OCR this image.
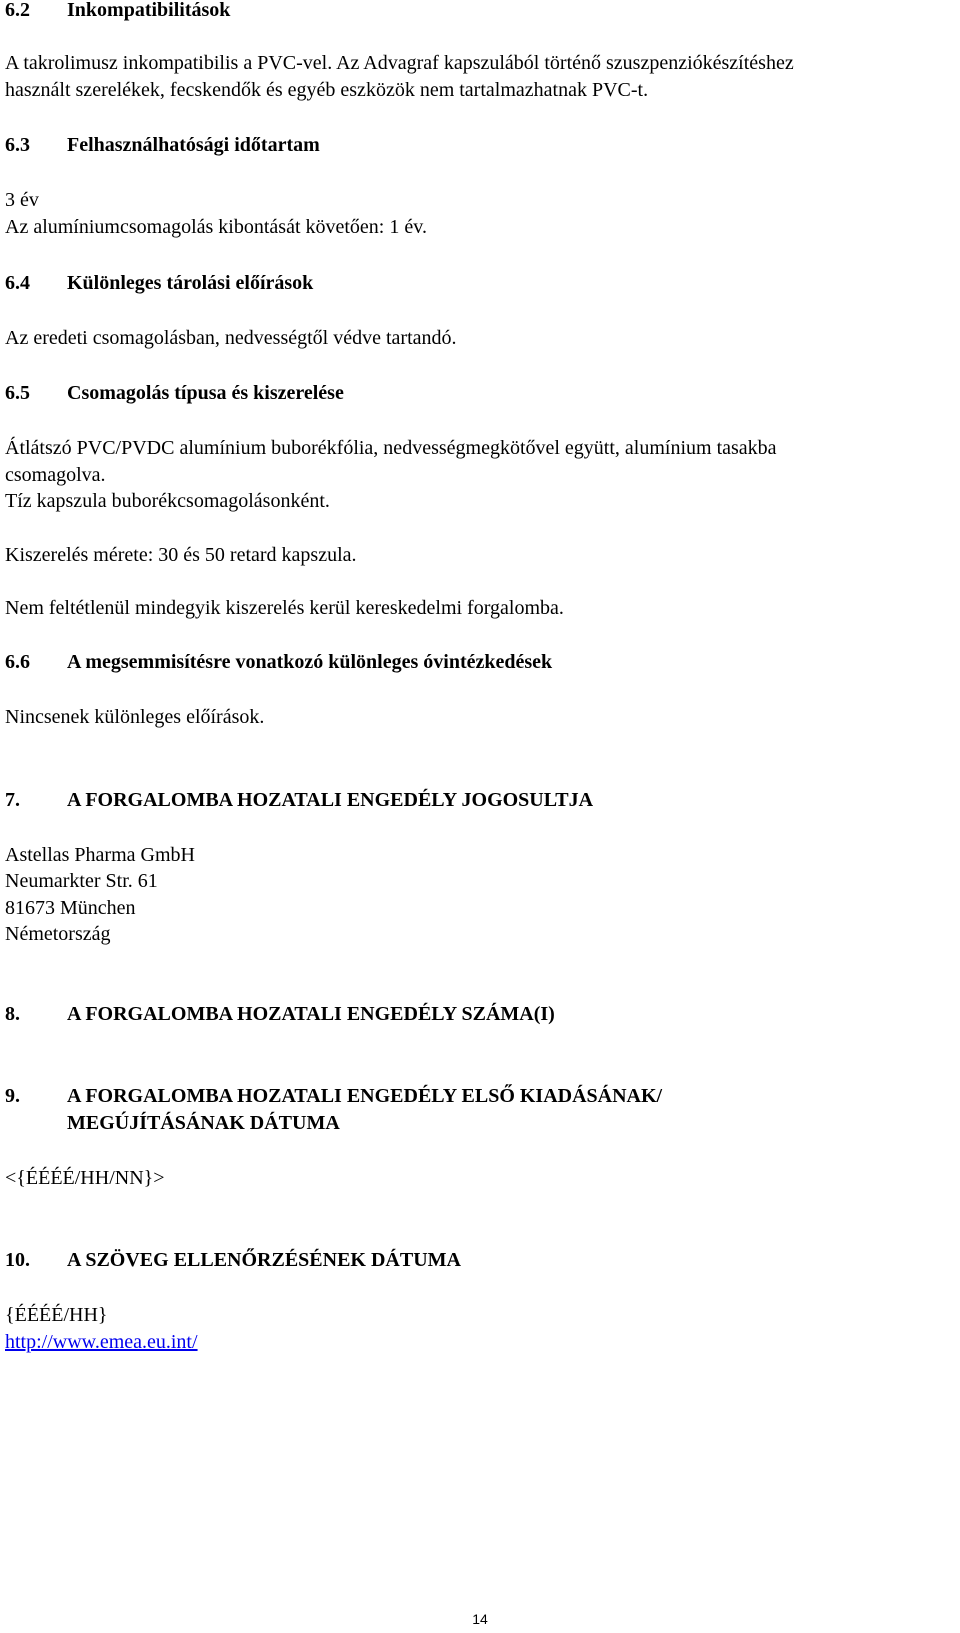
6.2 Inkompatibilitások
A takrolimusz inkompatibilis a PVC-vel. Az Advagraf kapszulából történő szuszpenziókészítéshez
használt szerelékek, fecskendők és egyéb eszközök nem tartalmazhatnak PVC-t.
6.3 Felhasználhatósági időtartam
3 év
Az alumíniumcsomagolás kibontását követően: 1 év.
6.4 Különleges tárolási előírások
Az eredeti csomagolásban, nedvességtől védve tartandó.
6.5 Csomagolás típusa és kiszerelése
Átlátszó PVC/PVDC alumínium buborékfólia, nedvességmegkötővel együtt, alumínium tasakba
csomagolva.
Tíz kapszula buborékcsomagolásonként.
Kiszerelés mérete: 30 és 50 retard kapszula.
Nem feltétlenül mindegyik kiszerelés kerül kereskedelmi forgalomba.
6.6 A megsemmisítésre vonatkozó különleges óvintézkedések
Nincsenek különleges előírások.
7. A FORGALOMBA HOZATALI ENGEDÉLY JOGOSULTJA
Astellas Pharma GmbH
Neumarkter Str. 61
81673 München
Németország
8. A FORGALOMBA HOZATALI ENGEDÉLY SZÁMA(I)
9. A FORGALOMBA HOZATALI ENGEDÉLY ELSŐ KIADÁSÁNAK/
MEGÚJÍTÁSÁNAK DÁTUMA
<{ÉÉÉÉ/HH/NN}>
10. A SZÖVEG ELLENŐRZÉSÉNEK DÁTUMA
{ÉÉÉÉ/HH}
http://www.emea.eu.int/
14
